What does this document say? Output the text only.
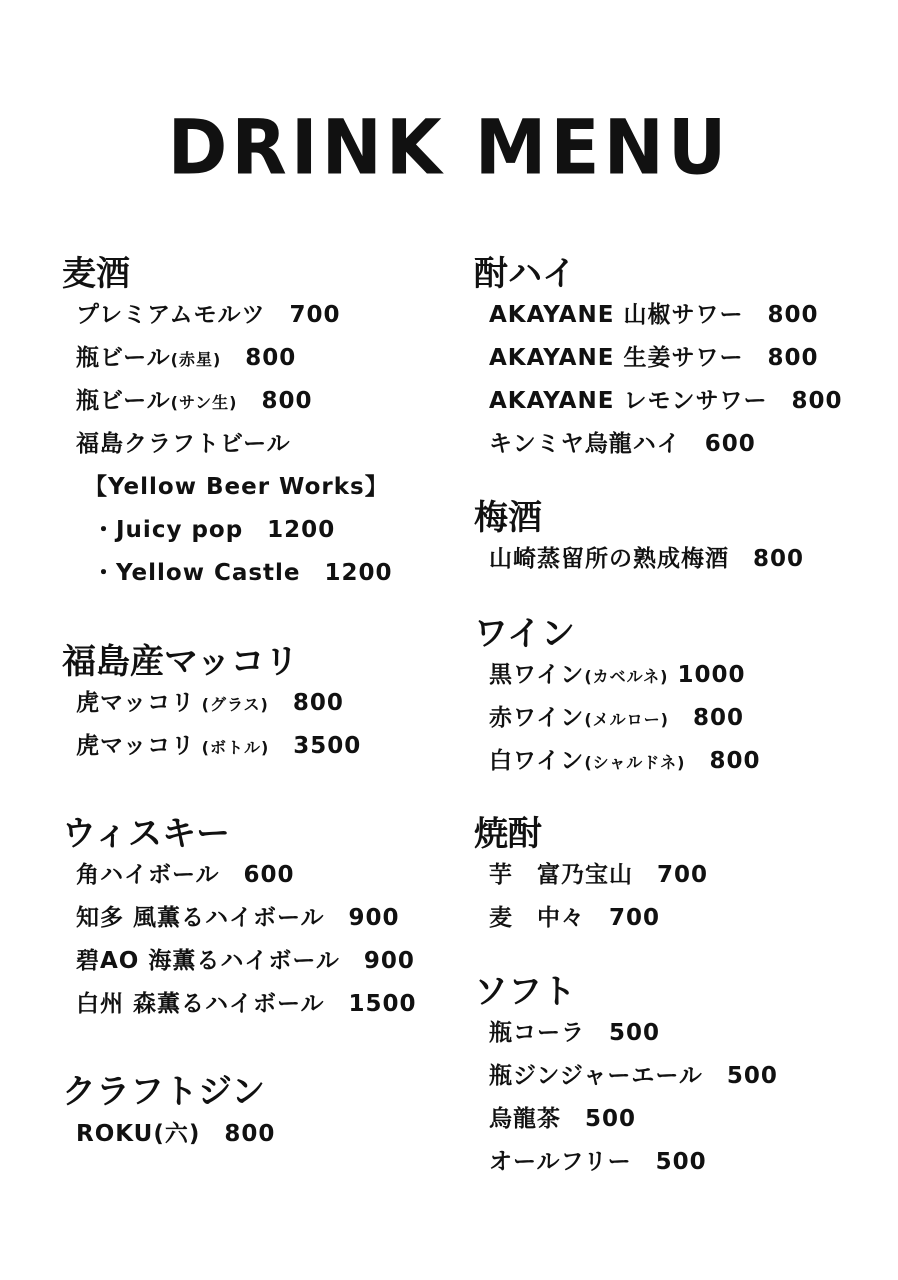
DRINK MENU
麦酒
プレミアムモルツ　700
瓶ビール(赤星)　800
瓶ビール(サン生)　800
福島クラフトビール
【Yellow Beer Works】
・Juicy pop　1200
・Yellow Castle　1200
福島産マッコリ
虎マッコリ (グラス)　800
虎マッコリ (ボトル)　3500
ウィスキー
角ハイボール　600
知多 風薫るハイボール　900
碧AO 海薫るハイボール　900
白州 森薫るハイボール　1500
クラフトジン
ROKU(六)　800
酎ハイ
AKAYANE 山椒サワー　800
AKAYANE 生姜サワー　800
AKAYANE レモンサワー　800
キンミヤ烏龍ハイ　600
梅酒
山崎蒸留所の熟成梅酒　800
ワイン
黒ワイン(カベルネ) 1000
赤ワイン(メルロー)　800
白ワイン(シャルドネ)　800
焼酎
芋　富乃宝山　700
麦　中々　700
ソフト
瓶コーラ　500
瓶ジンジャーエール　500
烏龍茶　500
オールフリー　500
